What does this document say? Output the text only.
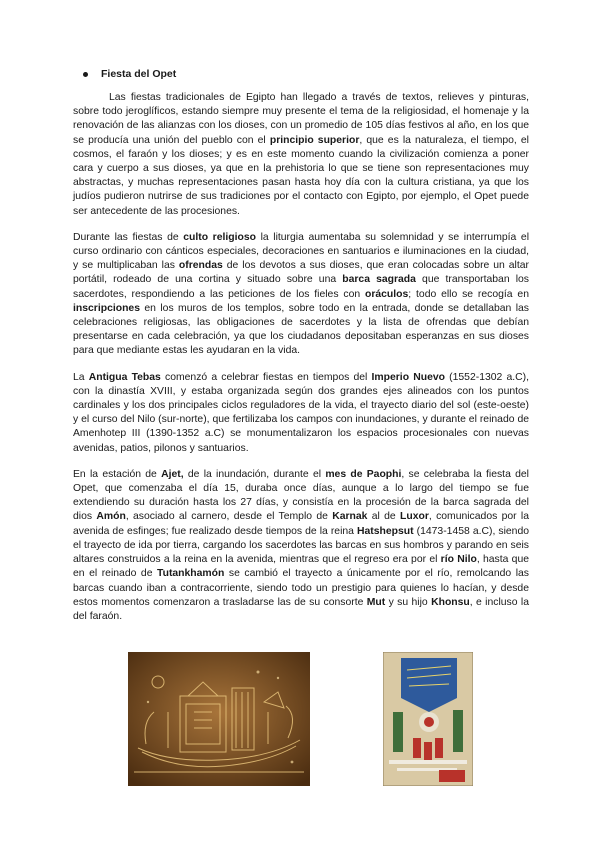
Fiesta del Opet

Las fiestas tradicionales de Egipto han llegado a través de textos, relieves y pinturas, sobre todo jeroglíficos, estando siempre muy presente el tema de la religiosidad, el homenaje y la renovación de las alianzas con los dioses, con un promedio de 105 días festivos al año, en los que se producía una unión del pueblo con el principio superior, que es la naturaleza, el tiempo, el cosmos, el faraón y los dioses; y es en este momento cuando la civilización comienza a poner cara y cuerpo a sus dioses, ya que en la prehistoria lo que se tiene son representaciones muy abstractas, y muchas representaciones pasan hasta hoy día con la cultura cristiana, ya que los judíos pudieron nutrirse de sus tradiciones por el contacto con Egipto, por ejemplo, el Opet puede ser antecedente de las procesiones.

Durante las fiestas de culto religioso la liturgia aumentaba su solemnidad y se interrumpía el curso ordinario con cánticos especiales, decoraciones en santuarios e iluminaciones en la ciudad, y se multiplicaban las ofrendas de los devotos a sus dioses, que eran colocadas sobre un altar portátil, rodeado de una cortina y situado sobre una barca sagrada que transportaban los sacerdotes, respondiendo a las peticiones de los fieles con oráculos; todo ello se recogía en inscripciones en los muros de los templos, sobre todo en la entrada, donde se detallaban las celebraciones religiosas, las obligaciones de sacerdotes y la lista de ofrendas que debían presentarse en cada celebración, ya que los ciudadanos depositaban esperanzas en sus dioses para que mediante estas les ayudaran en la vida.

La Antigua Tebas comenzó a celebrar fiestas en tiempos del Imperio Nuevo (1552-1302 a.C), con la dinastía XVIII, y estaba organizada según dos grandes ejes alineados con los puntos cardinales y los dos principales ciclos reguladores de la vida, el trayecto diario del sol (este-oeste) y el curso del Nilo (sur-norte), que fertilizaba los campos con inundaciones, y durante el reinado de Amenhotep III (1390-1352 a.C) se monumentalizaron los espacios procesionales con nuevas avenidas, patios, pilonos y santuarios.

En la estación de Ajet, de la inundación, durante el mes de Paophi, se celebraba la fiesta del Opet, que comenzaba el día 15, duraba once días, aunque a lo largo del tiempo se fue extendiendo su duración hasta los 27 días, y consistía en la procesión de la barca sagrada del dios Amón, asociado al carnero, desde el Templo de Karnak al de Luxor, comunicados por la avenida de esfinges; fue realizado desde tiempos de la reina Hatshepsut (1473-1458 a.C), siendo el trayecto de ida por tierra, cargando los sacerdotes las barcas en sus hombros y parando en seis altares construidos a la reina en la avenida, mientras que el regreso era por el río Nilo, hasta que en el reinado de Tutankhamón se cambió el trayecto a únicamente por el río, remolcando las barcas cuando iban a contracorriente, siendo todo un prestigio para quienes lo hacían, y desde estos momentos comenzaron a trasladarse las de su consorte Mut y su hijo Khonsu, e incluso la del faraón.
